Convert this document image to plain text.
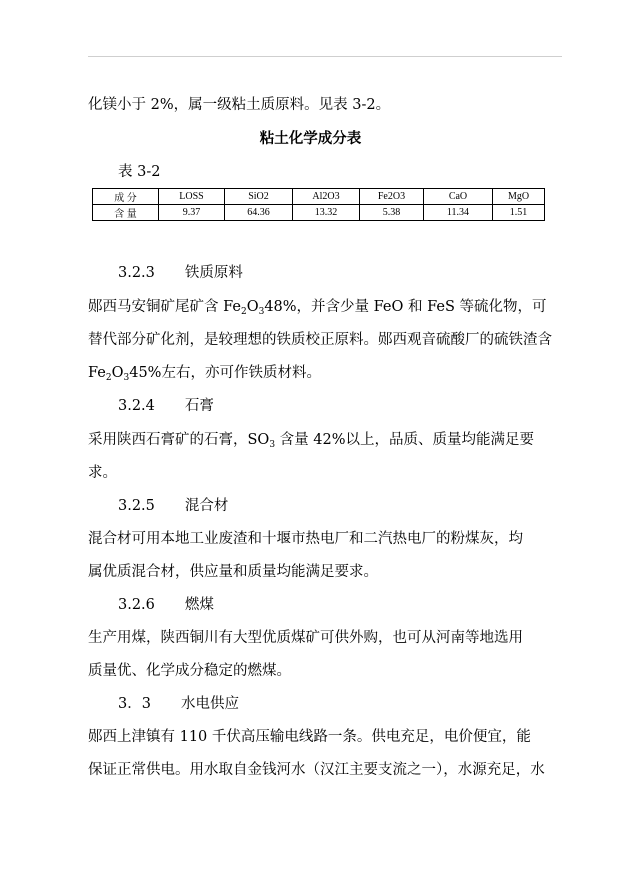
化镁小于 2%，属一级粘土质原料。见表 3-2。
粘土化学成分表
表 3-2
成 分	LOSS	SiO2	Al2O3	Fe2O3	CaO	MgO
含 量	9.37	64.36	13.32	5.38	11.34	1.51
3.2.3 铁质原料
郧西马安铜矿尾矿含 $Fe_2O_348\%$，并含少量 FeO 和 FeS 等硫化物，可
替代部分矿化剂，是较理想的铁质校正原料。郧西观音硫酸厂的硫铁渣含
$Fe_2O_345\%$左右，亦可作铁质材料。
3.2.4 石膏
采用陕西石膏矿的石膏，$SO_3$ 含量 42%以上，品质、质量均能满足要
求。
3.2.5 混合材
混合材可用本地工业废渣和十堰市热电厂和二汽热电厂的粉煤灰，均
属优质混合材，供应量和质量均能满足要求。
3.2.6 燃煤
生产用煤，陕西铜川有大型优质煤矿可供外购，也可从河南等地选用
质量优、化学成分稳定的燃煤。
3．3 水电供应
郧西上津镇有 110 千伏高压输电线路一条。供电充足，电价便宜，能
保证正常供电。用水取自金钱河水（汉江主要支流之一），水源充足，水
